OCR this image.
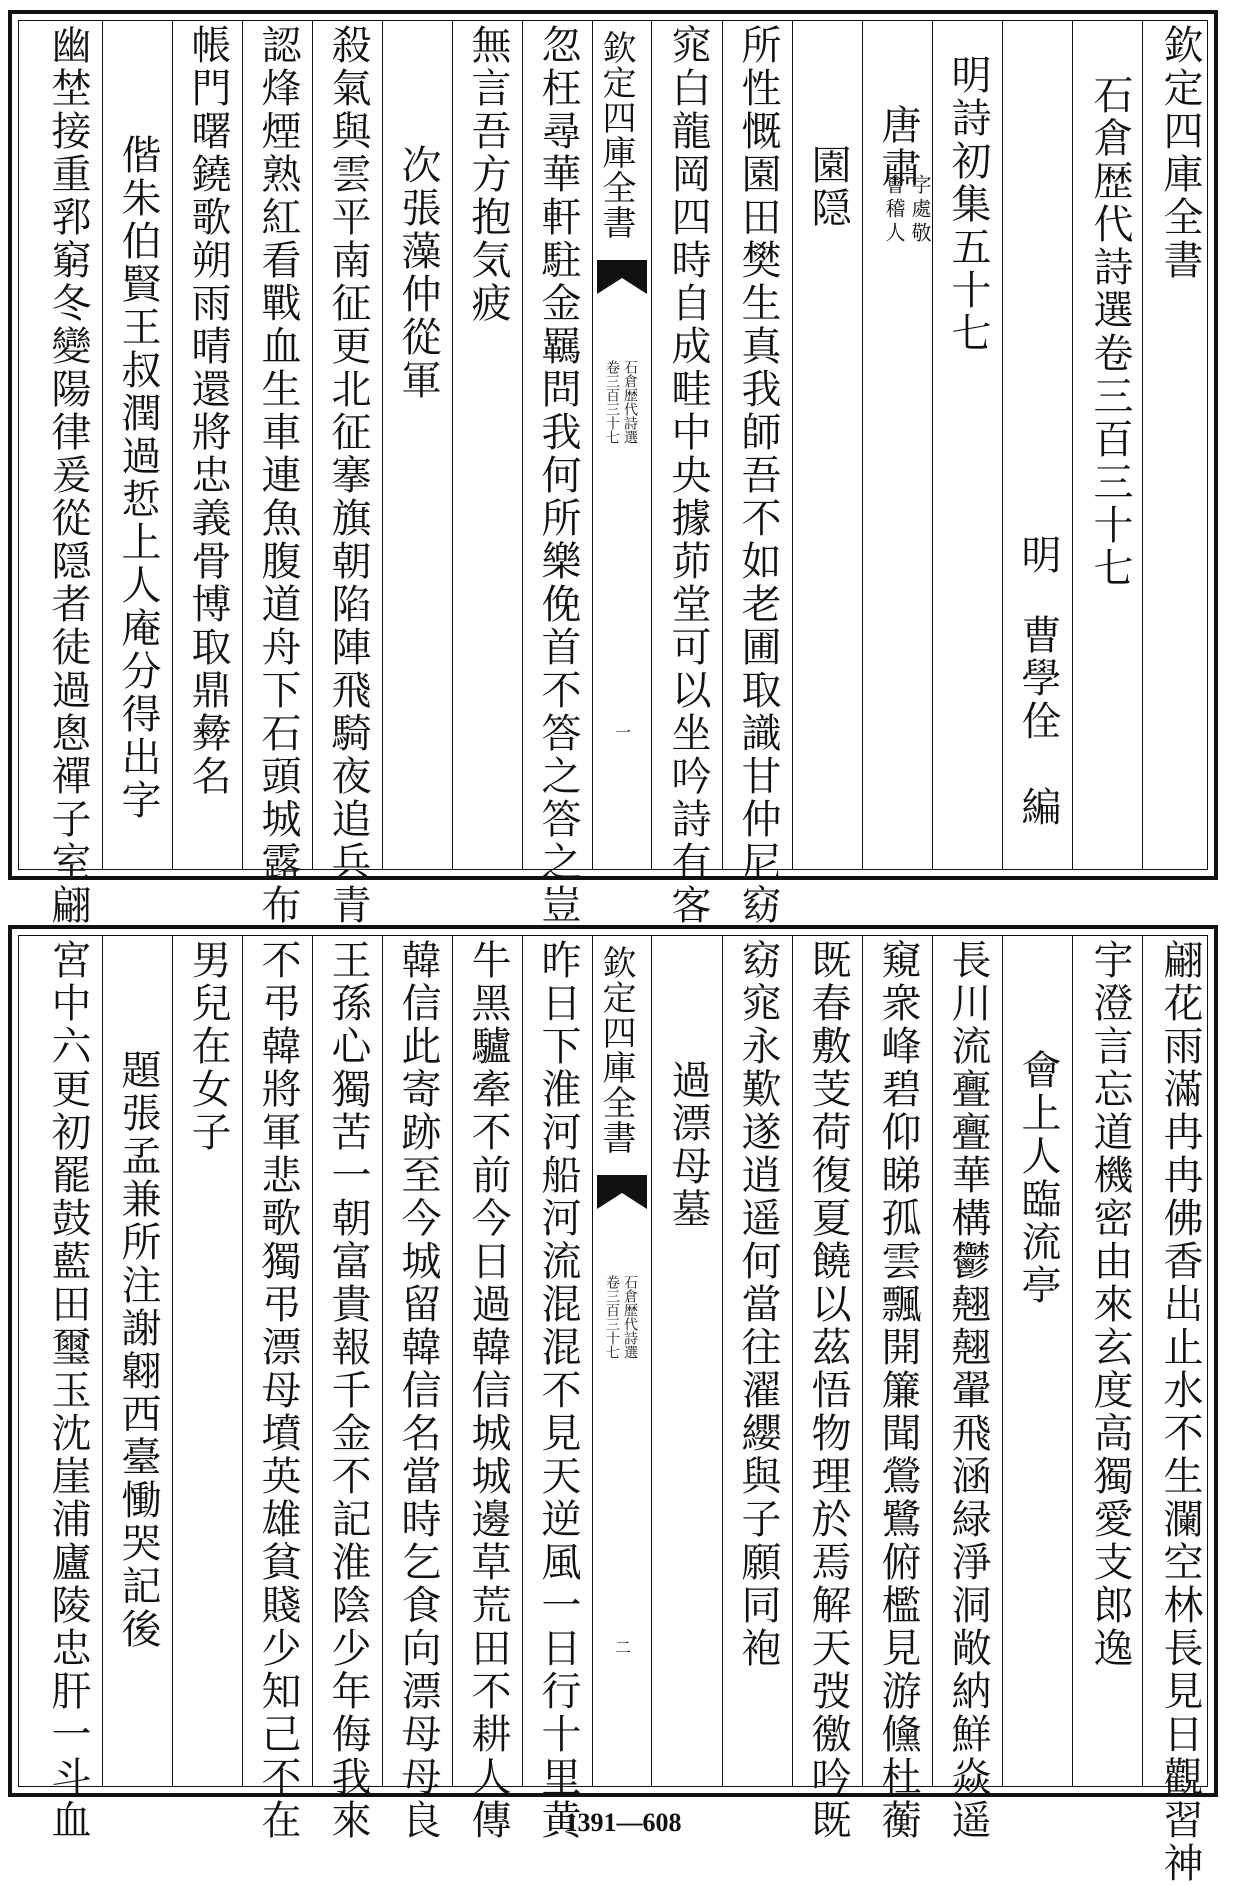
欽定四庫全書
石倉歴代詩選卷三百三十七
明
曹學佺　編
明詩初集五十七
唐肅
字處敬
會稽人
園隠
所性慨園田樊生真我師吾不如老圃取識甘仲尼窈
窕白龍岡四時自成畦中央據茆堂可以坐吟詩有客
欽定四庫全書
石倉歴代詩選
卷三百三十七
一
忽枉尋華軒駐金羈問我何所樂俛首不答之答之豈
無言吾方抱気疲
次張藻仲從軍
殺氣與雲平南征更北征搴旗朝陷陣飛騎夜追兵青
認烽煙熟紅看戰血生車連魚腹道舟下石頭城露布
帳門曙鐃歌朔雨晴還將忠義骨博取鼎彜名
偕朱伯賢王叔潤過悊上人庵分得出字
幽埜接重郛窮冬變陽律爰從隠者徒過悤禪子室翩
翩花雨滿冉冉佛香出止水不生瀾空林長見日觀習神
宇澄言忘道機密由來玄度高獨愛支郎逸
會上人臨流亭
長川流亹亹華構鬱翹翹翬飛涵緑淨洞敞納鮮焱遥
窺衆峰碧仰睇孤雲飄開簾聞鶯鷺俯檻見游儵杜蘅
既春敷芰荷復夏饒以茲悟物理於焉解天弢徼吟既
窈窕永歎遂逍遥何當往濯纓與子願同袍
過漂母墓
欽定四庫全書
石倉歴代詩選
卷三百三十七
二
昨日下淮河船河流混混不見天逆風一日行十里黄
牛黑驢牽不前今日過韓信城城邊草荒田不耕人傳
韓信此寄跡至今城留韓信名當時乞食向漂母母良
王孫心獨苦一朝富貴報千金不記淮陰少年侮我來
不弔韓將軍悲歌獨弔漂母墳英雄貧賤少知己不在
男兒在女子
題張孟兼所注謝翺西臺慟哭記後
宮中六更初罷鼓藍田璽玉沈崖浦廬陵忠肝一斗血	1391—608
